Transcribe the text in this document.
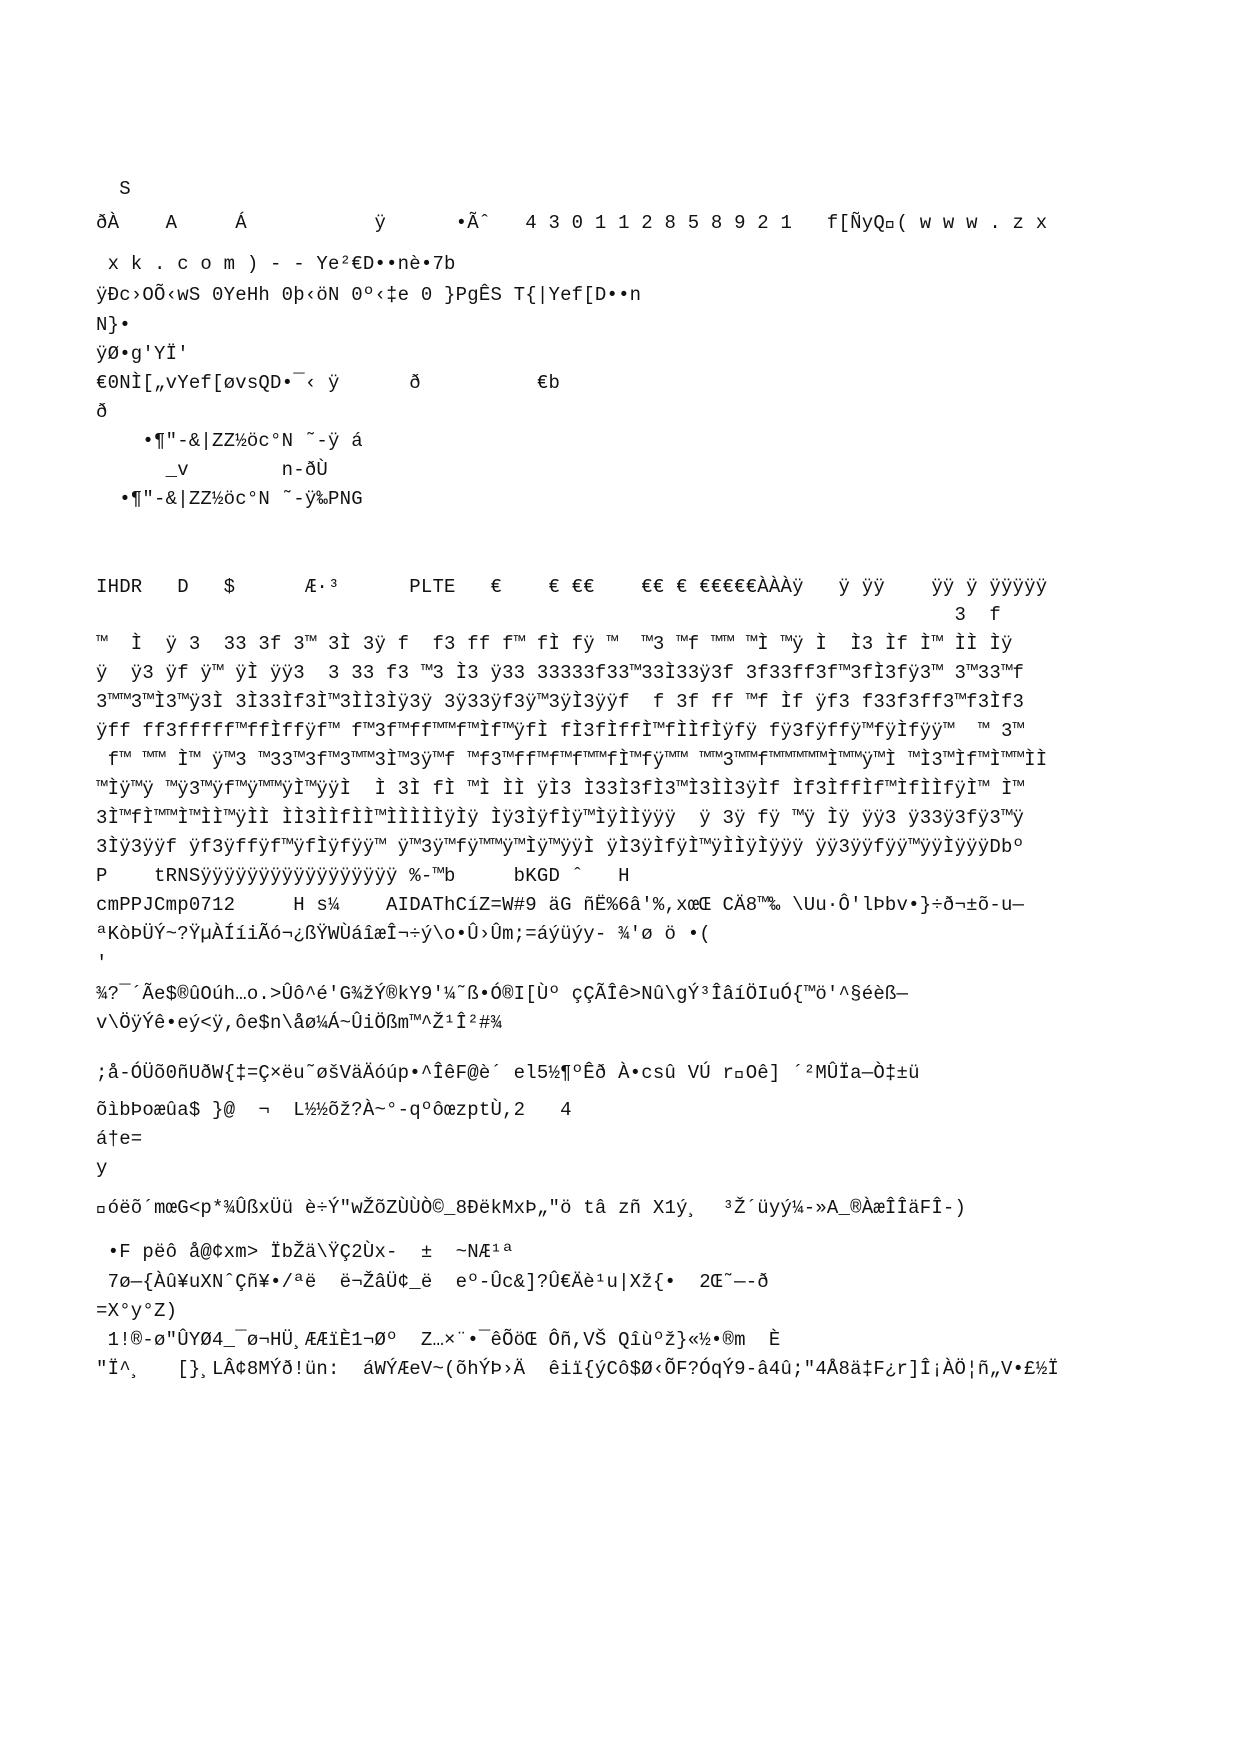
S
ðÀ    A     Á           ÿ      •Ãˆ   4 3 0 1 1 2 8 5 8 9 2 1   f[ÑyQ ( w w w . z x
x k . c o m ) - - Ye²€D••nè•7b
ÿÐc›OÕ‹wS 0YeHh 0þ‹öN 0º‹‡e 0 }PgÊS T{|Yef[D••n
N}•
ÿØ•g'YÏ'
€0NÌ[„vYef[øvsQD•¯‹ ÿ      ð          €b
ð
•¶"-&|ZZ½öc°N ˜-ÿ á
_v        n-ðÙ
•¶"-&|ZZ½öc°N ˜-ÿ‰PNG
IHDR   D   $      Æ·³      PLTE   €    € €€    €€ € €€€€€ÀÀÀÿ   ÿ ÿÿ    ÿÿ ÿ ÿÿÿÿÿ
3  f
™  Ì  ÿ 3  33 3f 3™ 3Ì 3ÿ f  f3 ff f™ fÌ fÿ ™  ™3 ™f ™™ ™Ì ™ÿ Ì  Ì3 Ìf Ì™ ÌÌ Ìÿ
ÿ  ÿ3 ÿf ÿ™ ÿÌ ÿÿ3  3 33 f3 ™3 Ì3 ÿ33 33333f33™33Ì33ÿ3f 3f33ff3f™3fÌ3fÿ3™ 3™33™f
3™™3™Ì3™ÿ3Ì 3Ì33Ìf3Ì™3ÌÌ3Ìÿ3ÿ 3ÿ33ÿf3ÿ™3ÿÌ3ÿÿf  f 3f ff ™f Ìf ÿf3 f33f3ff3™f3Ìf3
ÿff ff3fffff™ffÌffÿf™ f™3f™ff™™f™Ìf™ÿfÌ fÌ3fÌffÌ™fÌÌfÌÿfÿ fÿ3fÿffÿ™fÿÌfÿÿ™  ™ 3™
f™ ™™ Ì™ ÿ™3 ™33™3f™3™™3Ì™3ÿ™f ™f3™ff™f™f™™fÌ™fÿ™™ ™™3™™f™™™™™Ì™™ÿ™Ì ™Ì3™Ìf™Ì™™ÌÌ
™Ìÿ™ÿ ™ÿ3™ÿf™ÿ™™ÿÌ™ÿÿÌ  Ì 3Ì fÌ ™Ì ÌÌ ÿÌ3 Ì33Ì3fÌ3™Ì3ÌÌ3ÿÌf Ìf3ÌffÌf™ÌfÌÌfÿÌ™ Ì™
3Ì™fÌ™™Ì™ÌÌ™ÿÌÌ ÌÌ3ÌÌfÌÌ™ÌÌÌÌÌÿÌÿ Ìÿ3ÌÿfÌÿ™ÌÿÌÌÿÿÿ  ÿ 3ÿ fÿ ™ÿ Ìÿ ÿÿ3 ÿ33ÿ3fÿ3™ÿ
3Ìÿ3ÿÿf ÿf3ÿffÿf™ÿfÌÿfÿÿ™ ÿ™3ÿ™fÿ™™ÿ™Ìÿ™ÿÿÌ ÿÌ3ÿÌfÿÌ™ÿÌÌÿÌÿÿÿ ÿÿ3ÿÿfÿÿ™ÿÿÌÿÿÿDbº
P    tRNSÿÿÿÿÿÿÿÿÿÿÿÿÿÿÿÿÿ %-™b     bKGD ˆ   H
cmPPJCmp0712     H s¼    AIDAThCíZ=W#9 äG ñË%6â'%,xœŒ CÄ8™‰ \Uu·Ô'lÞbv•}÷ð¬±õ-u—
ªKòÞÜÝ~?ŸµÀÍíiÃó¬¿ßŸWÙáîæÎ¬÷ý\o•Û›Ûm;=áýüýy- ¾'ø ö •(
'
¾?¯´Ãe$®ûOúh…o.>Ûô^é'G¾žÝ®kY9'¼˜ß•Ó®I[Ùº çÇÃÎê>Nû\gÝ³ÎâíÖIuÓ{™ö'^§éèß—
v\ÖÿÝê•eý<ÿ,ôe$n\åø¼Á~ÛiÖßm™^Ž¹Î²#¾
;å-ÓÜõ0ñUðW{‡=Ç×ëu˜øšVäÄóúp•^ÎêF@è´ el5½¶ºÊð À•csû VÚ r Oê] ´²MÛÏa—Ò‡±ü
õìbÞoæûa$ }@  ¬  L½½õž?À~°-qºôœzptÙ,2   4
á†e=
y
 óëõ´mœG<p*¾ÛßxÜü è÷Ý"wŽõZÙÙÒ©_8ÐëkMxÞ„"ö tâ zñ X1ý¸  ³Ž´üyý¼-»A_®ÀæÎÎäFÎ-)
•F pëô å@¢xm> ÏbŽä\ŸÇ2Ùx-  ±  ~NÆ¹ª
7ø—{Àû¥uXNˆÇñ¥•/ªë  ë¬ŽâÜ¢_ë  eº-Ûc&]?Û€Äè¹u|Xž{•  2Œ˜—-ð
=X°y°Z)
1!®-ø"ÛYØ4_¯ø¬HÜ¸ÆÆïÈ1¬Øº  Z…×¨•¯êÕöŒ Ôñ,VŠ Qîùºž}«½•®m  È
"Ï^¸   [}¸LÂ¢8MÝð!ün:  áWÝÆeV~(õhÝÞ›Ä  êiï{ýCô$Ø‹ÕF?ÓqÝ9-â4û;"4Å8ä‡F¿r]Î¡ÀÖ¦ñ„V•£½Ï
